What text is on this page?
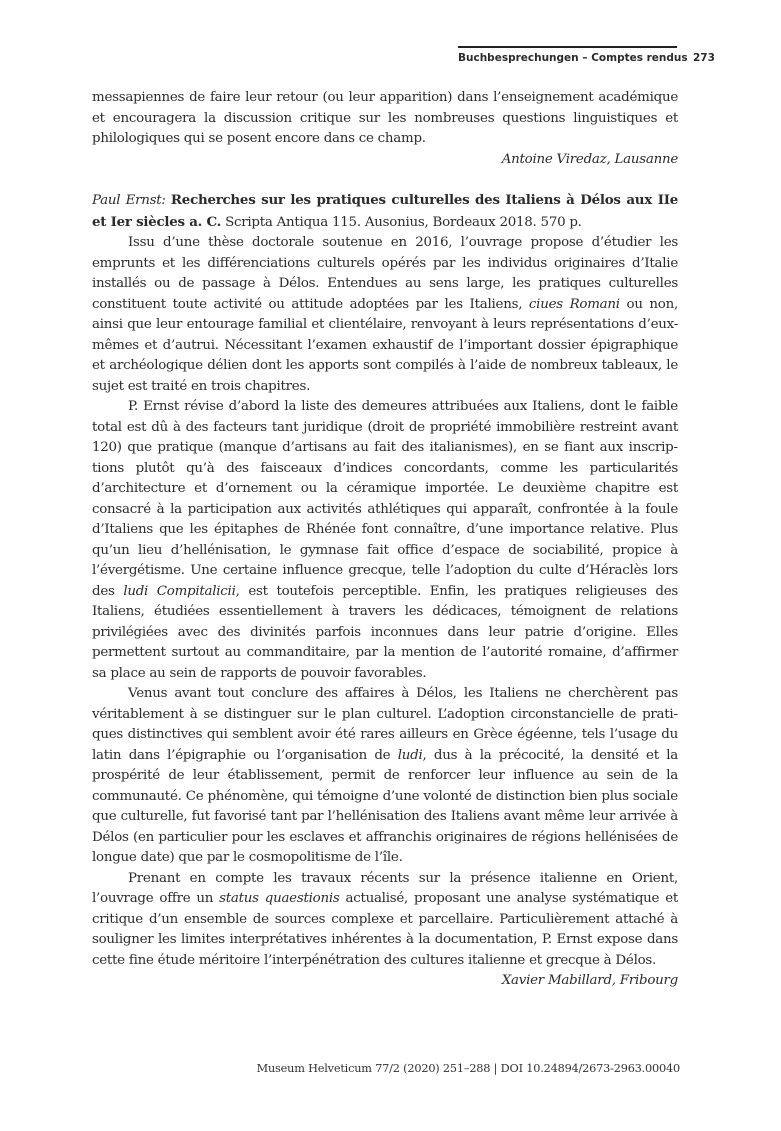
Buchbesprechungen – Comptes rendus 273

messapiennes de faire leur retour (ou leur apparition) dans l’enseignement académique et encouragera la discussion critique sur les nombreuses questions linguistiques et philologiques qui se posent encore dans ce champ.

Antoine Viredaz, Lausanne

Paul Ernst: Recherches sur les pratiques culturelles des Italiens à Délos aux IIe et Ier siècles a. C. Scripta Antiqua 115. Ausonius, Bordeaux 2018. 570 p.

Issu d’une thèse doctorale soutenue en 2016, l’ouvrage propose d’étudier les emprunts et les différenciations culturels opérés par les individus originaires d’Italie installés ou de passage à Délos. Entendues au sens large, les pratiques culturelles constituent toute activité ou attitude adoptées par les Italiens, ciues Romani ou non, ainsi que leur entourage familial et clientélaire, renvoyant à leurs représentations d’eux-mêmes et d’autrui. Nécessitant l’examen exhaustif de l’important dossier épigraphique et archéologique délien dont les apports sont compilés à l’aide de nombreux tableaux, le sujet est traité en trois chapitres.

P. Ernst révise d’abord la liste des demeures attribuées aux Italiens, dont le faible total est dû à des facteurs tant juridique (droit de propriété immobilière restreint avant 120) que pratique (manque d’artisans au fait des italianismes), en se fiant aux inscriptions plutôt qu’à des faisceaux d’indices concordants, comme les particularités d’architecture et d’ornement ou la céramique importée. Le deuxième chapitre est consacré à la participation aux activités athlétiques qui apparaît, confrontée à la foule d’Italiens que les épitaphes de Rhénée font connaître, d’une importance relative. Plus qu’un lieu d’hellénisation, le gymnase fait office d’espace de sociabilité, propice à l’évergétisme. Une certaine influence grecque, telle l’adoption du culte d’Héraclès lors des ludi Compitalicii, est toutefois perceptible. Enfin, les pratiques religieuses des Italiens, étudiées essentiellement à travers les dédicaces, témoignent de relations privilégiées avec des divinités parfois inconnues dans leur patrie d’origine. Elles permettent surtout au commanditaire, par la mention de l’autorité romaine, d’affirmer sa place au sein de rapports de pouvoir favorables.

Venus avant tout conclure des affaires à Délos, les Italiens ne cherchèrent pas véritablement à se distinguer sur le plan culturel. L’adoption circonstancielle de pratiques distinctives qui semblent avoir été rares ailleurs en Grèce égéenne, tels l’usage du latin dans l’épigraphie ou l’organisation de ludi, dus à la précocité, la densité et la prospérité de leur établissement, permit de renforcer leur influence au sein de la communauté. Ce phénomène, qui témoigne d’une volonté de distinction bien plus sociale que culturelle, fut favorisé tant par l’hellénisation des Italiens avant même leur arrivée à Délos (en particulier pour les esclaves et affranchis originaires de régions hellénisées de longue date) que par le cosmopolitisme de l’île.

Prenant en compte les travaux récents sur la présence italienne en Orient, l’ouvrage offre un status quaestionis actualisé, proposant une analyse systématique et critique d’un ensemble de sources complexe et parcellaire. Particulièrement attaché à souligner les limites interprétatives inhérentes à la documentation, P. Ernst expose dans cette fine étude méritoire l’interpénétration des cultures italienne et grecque à Délos.

Xavier Mabillard, Fribourg

Museum Helveticum 77/2 (2020) 251–288 | DOI 10.24894/2673-2963.00040
